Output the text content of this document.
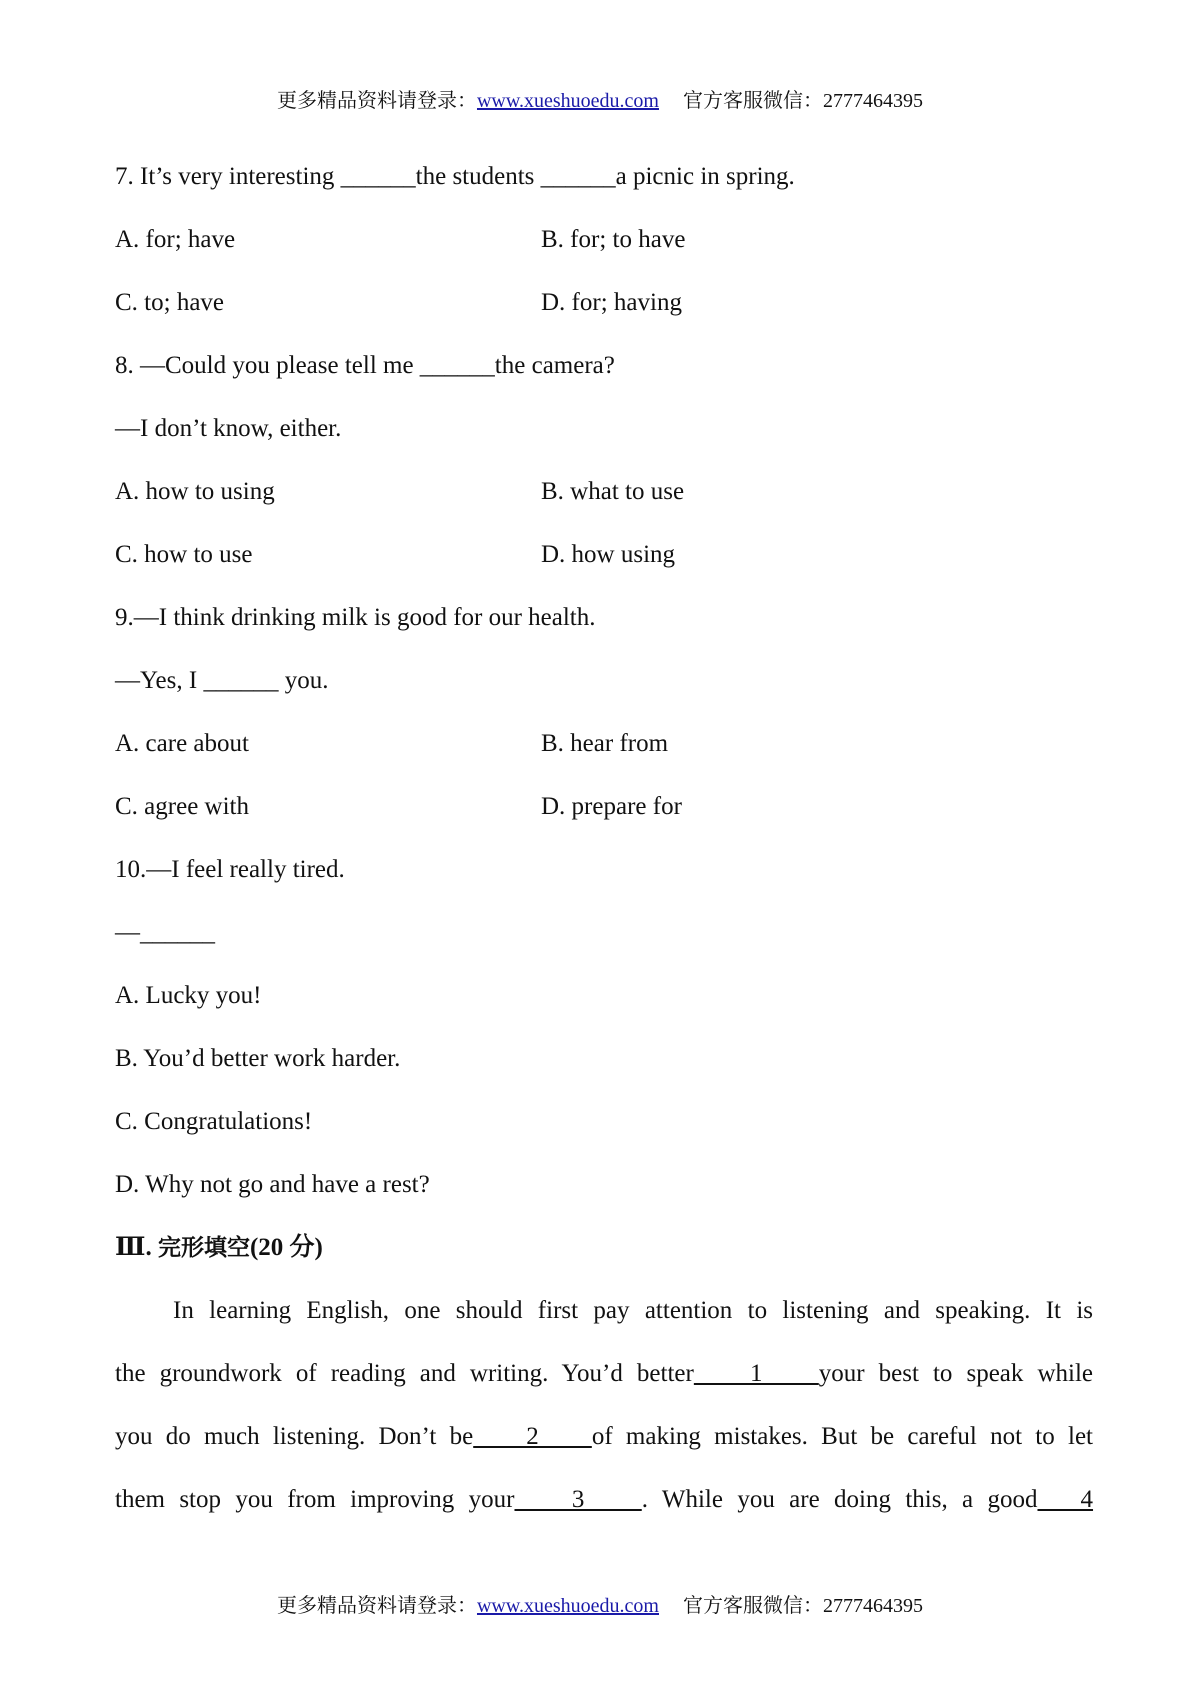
更多精品资料请登录：www.xueshuoedu.com 官方客服微信：2777464395
7. It’s very interesting ______the students ______a picnic in spring.
A. for; have	B. for; to have
C. to; have	D. for; having
8. —Could you please tell me ______the camera?
—I don’t know, either.
A. how to using	B. what to use
C. how to use	D. how using
9.—I think drinking milk is good for our health.
—Yes, I ______ you.
A. care about	B. hear from
C. agree with	D. prepare for
10.—I feel really tired.
—______
A. Lucky you!
B. You’d better work harder.
C. Congratulations!
D. Why not go and have a rest?
Ⅲ. 完形填空(20 分)
In learning English, one should first pay attention to listening and speaking. It is
the groundwork of reading and writing. You’d better    1    your best to speak while
you do much listening. Don’t be    2    of making mistakes. But be careful not to let
them stop you from improving your    3    . While you are doing this, a good   4
更多精品资料请登录：www.xueshuoedu.com 官方客服微信：2777464395
